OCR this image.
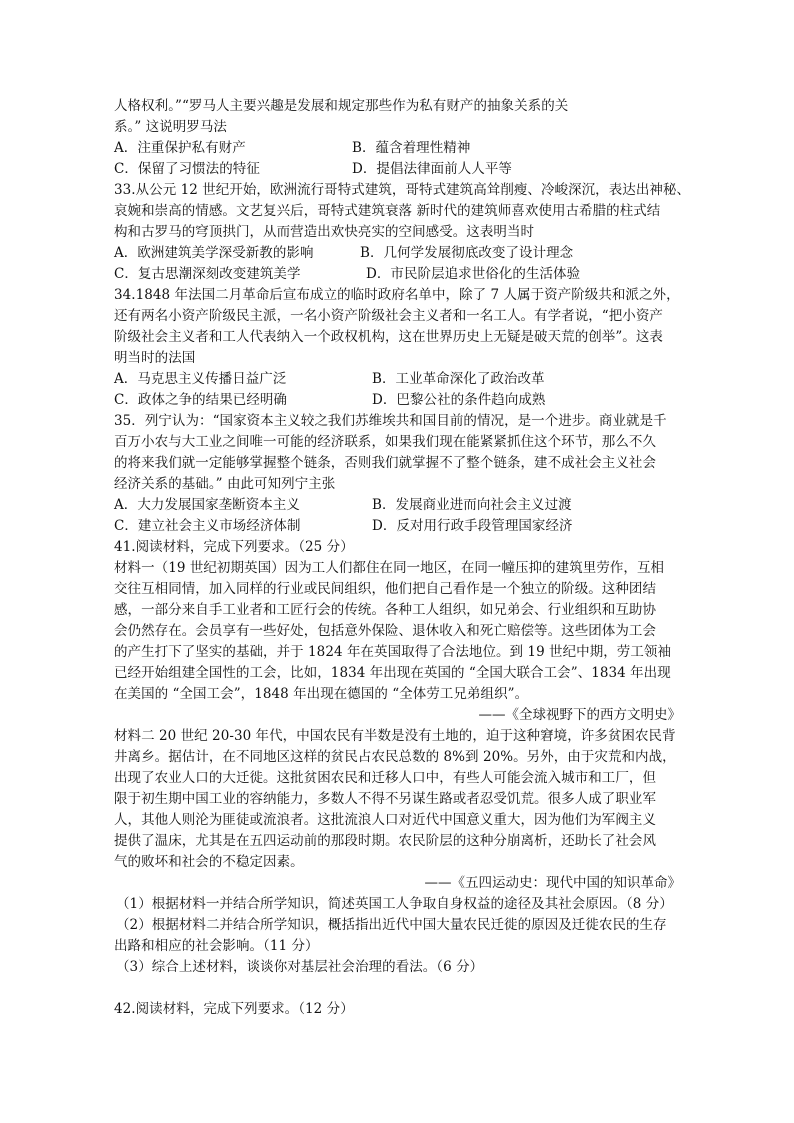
人格权利。”“罗马人主要兴趣是发展和规定那些作为私有财产的抽象关系的关
系。” 这说明罗马法
A．注重保护私有财产	B．蕴含着理性精神
C．保留了习惯法的特征	D．提倡法律面前人人平等
33.从公元 12 世纪开始，欧洲流行哥特式建筑，哥特式建筑高耸削瘦、冷峻深沉，表达出神秘、
哀婉和崇高的情感。文艺复兴后，哥特式建筑衰落 新时代的建筑师喜欢使用古希腊的柱式结
构和古罗马的穹顶拱门，从而营造出欢快亮实的空间感受。这表明当时
A．欧洲建筑美学深受新教的影响	B．几何学发展彻底改变了设计理念
C．复古思潮深刻改变建筑美学	D．市民阶层追求世俗化的生活体验
34.1848 年法国二月革命后宣布成立的临时政府名单中，除了 7 人属于资产阶级共和派之外，
还有两名小资产阶级民主派，一名小资产阶级社会主义者和一名工人。有学者说，“把小资产
阶级社会主义者和工人代表纳入一个政权机构，这在世界历史上无疑是破天荒的创举”。这表
明当时的法国
A．马克思主义传播日益广泛	B．工业革命深化了政治改革
C．政体之争的结果已经明确	D．巴黎公社的条件趋向成熟
35．列宁认为：“国家资本主义较之我们苏维埃共和国目前的情况，是一个进步。商业就是千
百万小农与大工业之间唯一可能的经济联系，如果我们现在能紧紧抓住这个环节，那么不久
的将来我们就一定能够掌握整个链条，否则我们就掌握不了整个链条，建不成社会主义社会
经济关系的基础。” 由此可知列宁主张
A．大力发展国家垄断资本主义	B．发展商业进而向社会主义过渡
C．建立社会主义市场经济体制	D．反对用行政手段管理国家经济
41.阅读材料，完成下列要求。（25 分）
材料一（19 世纪初期英国）因为工人们都住在同一地区，在同一幢压抑的建筑里劳作，互相
交往互相同情，加入同样的行业或民间组织，他们把自己看作是一个独立的阶级。这种团结
感，一部分来自手工业者和工匠行会的传统。各种工人组织，如兄弟会、行业组织和互助协
会仍然存在。会员享有一些好处，包括意外保险、退休收入和死亡赔偿等。这些团体为工会
的产生打下了坚实的基础，并于 1824 年在英国取得了合法地位。到 19 世纪中期，劳工领袖
已经开始组建全国性的工会，比如，1834 年出现在英国的 “全国大联合工会”、1834 年出现
在美国的 “全国工会”，1848 年出现在德国的 “全体劳工兄弟组织”。
——《全球视野下的西方文明史》
材料二 20 世纪 20-30 年代，中国农民有半数是没有土地的，迫于这种窘境，许多贫困农民背
井离乡。据估计，在不同地区这样的贫民占农民总数的 8%到 20%。另外，由于灾荒和内战，
出现了农业人口的大迁徙。这批贫困农民和迁移人口中，有些人可能会流入城市和工厂，但
限于初生期中国工业的容纳能力，多数人不得不另谋生路或者忍受饥荒。很多人成了职业军
人，其他人则沦为匪徒或流浪者。这批流浪人口对近代中国意义重大，因为他们为军阀主义
提供了温床，尤其是在五四运动前的那段时期。农民阶层的这种分崩离析，还助长了社会风
气的败坏和社会的不稳定因素。
——《五四运动史：现代中国的知识革命》
（1）根据材料一并结合所学知识，简述英国工人争取自身权益的途径及其社会原因。（8 分）
（2）根据材料二并结合所学知识，概括指出近代中国大量农民迁徙的原因及迁徙农民的生存
出路和相应的社会影响。（11 分）
（3）综合上述材料，谈谈你对基层社会治理的看法。（6 分）
42.阅读材料，完成下列要求。（12 分）
